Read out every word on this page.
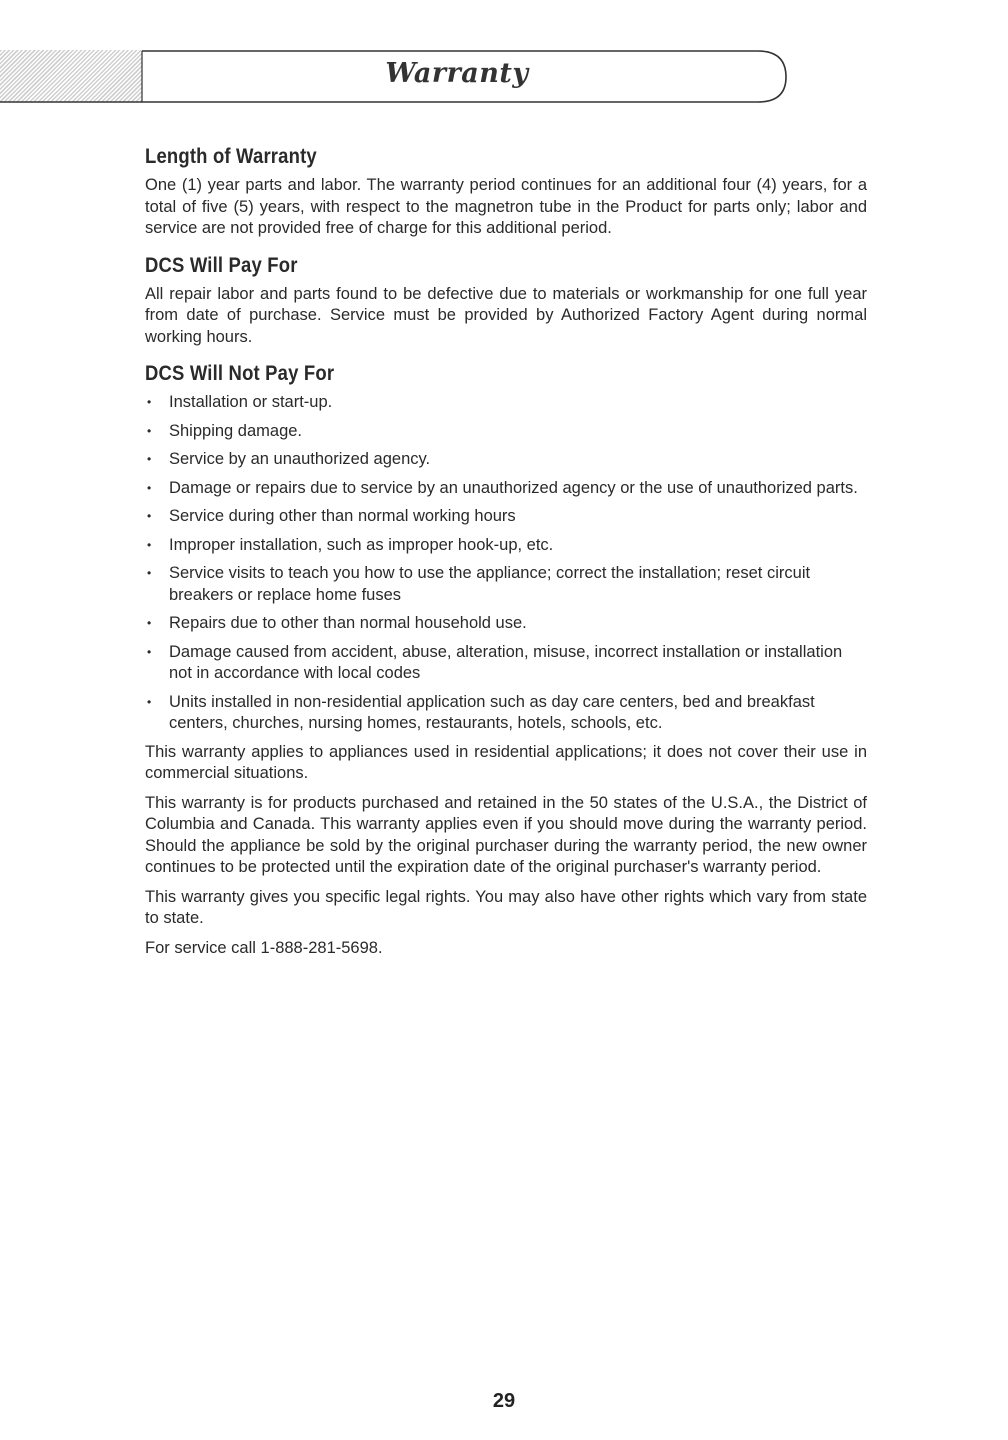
Warranty
Length of Warranty

One (1) year parts and labor. The warranty period continues for an additional four (4) years, for a total of five (5) years, with respect to the magnetron tube in the Product for parts only; labor and service are not provided free of charge for this additional period.

DCS Will Pay For

All repair labor and parts found to be defective due to materials or workmanship for one full year from date of purchase. Service must be provided by Authorized Factory Agent during normal working hours.

DCS Will Not Pay For
• Installation or start-up.
• Shipping damage.
• Service by an unauthorized agency.
• Damage or repairs due to service by an unauthorized agency or the use of unauthorized parts.
• Service during other than normal working hours
• Improper installation, such as improper hook-up, etc.
• Service visits to teach you how to use the appliance; correct the installation; reset circuit breakers or replace home fuses
• Repairs due to other than normal household use.
• Damage caused from accident, abuse, alteration, misuse, incorrect installation or installation not in accordance with local codes
• Units installed in non-residential application such as day care centers, bed and breakfast centers, churches, nursing homes, restaurants, hotels, schools, etc.

This warranty applies to appliances used in residential applications; it does not cover their use in commercial situations.

This warranty is for products purchased and retained in the 50 states of the U.S.A., the District of Columbia and Canada. This warranty applies even if you should move during the warranty period. Should the appliance be sold by the original purchaser during the warranty period, the new owner continues to be protected until the expiration date of the original purchaser's warranty period.

This warranty gives you specific legal rights. You may also have other rights which vary from state to state.

For service call 1-888-281-5698.

29
